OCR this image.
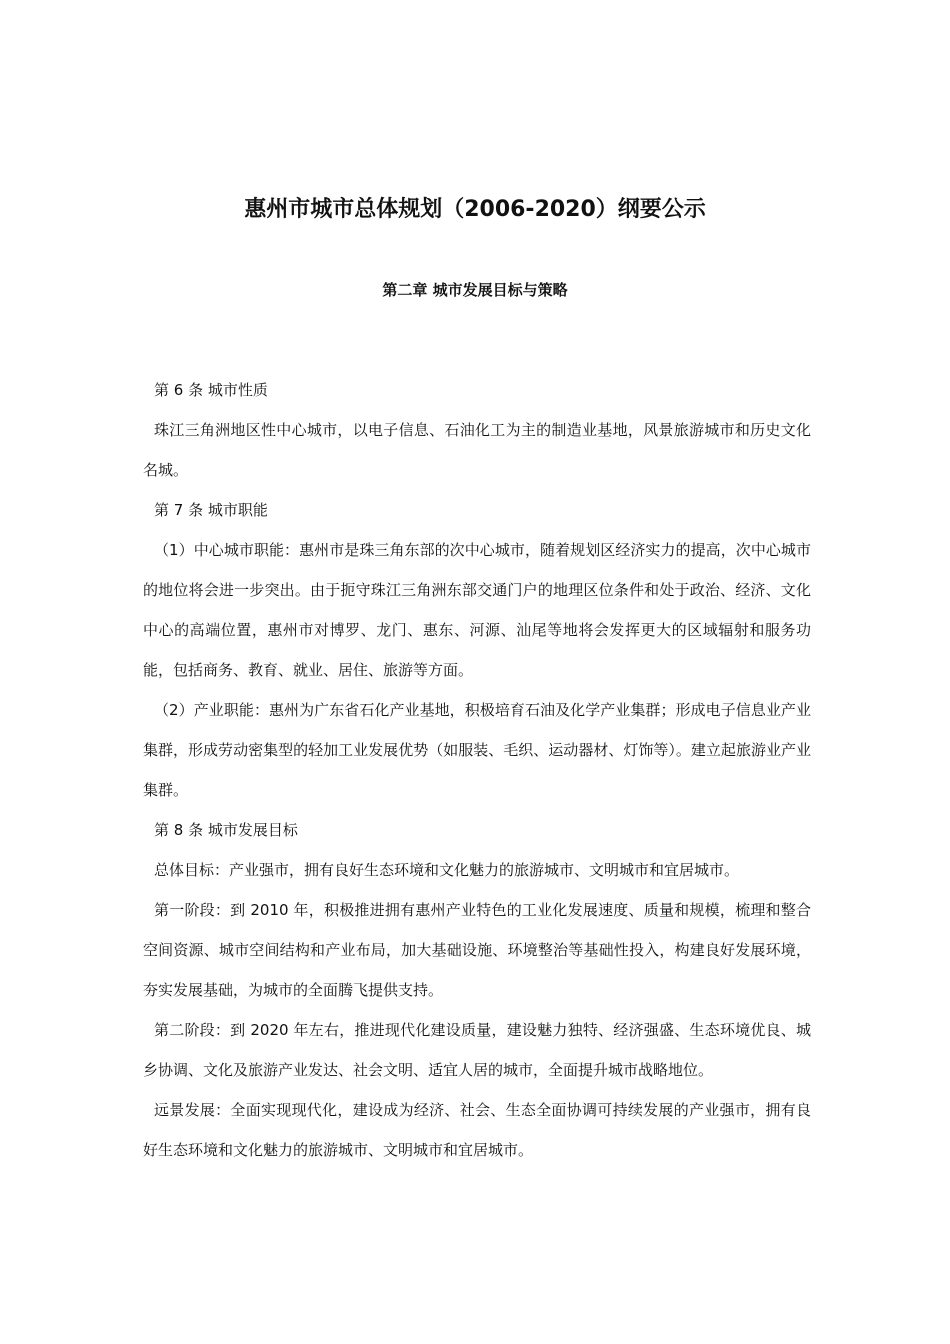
惠州市城市总体规划（2006-2020）纲要公示
第二章 城市发展目标与策略

第 6 条 城市性质

珠江三角洲地区性中心城市，以电子信息、石油化工为主的制造业基地，风景旅游城市和历史文化名城。

第 7 条 城市职能

（1）中心城市职能：惠州市是珠三角东部的次中心城市，随着规划区经济实力的提高，次中心城市的地位将会进一步突出。由于扼守珠江三角洲东部交通门户的地理区位条件和处于政治、经济、文化中心的高端位置，惠州市对博罗、龙门、惠东、河源、汕尾等地将会发挥更大的区域辐射和服务功能，包括商务、教育、就业、居住、旅游等方面。

（2）产业职能：惠州为广东省石化产业基地，积极培育石油及化学产业集群；形成电子信息业产业集群，形成劳动密集型的轻加工业发展优势（如服装、毛织、运动器材、灯饰等）。建立起旅游业产业集群。

第 8 条 城市发展目标

总体目标：产业强市，拥有良好生态环境和文化魅力的旅游城市、文明城市和宜居城市。

第一阶段：到 2010 年，积极推进拥有惠州产业特色的工业化发展速度、质量和规模，梳理和整合空间资源、城市空间结构和产业布局，加大基础设施、环境整治等基础性投入，构建良好发展环境，夯实发展基础，为城市的全面腾飞提供支持。

第二阶段：到 2020 年左右，推进现代化建设质量，建设魅力独特、经济强盛、生态环境优良、城乡协调、文化及旅游产业发达、社会文明、适宜人居的城市，全面提升城市战略地位。

远景发展：全面实现现代化，建设成为经济、社会、生态全面协调可持续发展的产业强市，拥有良好生态环境和文化魅力的旅游城市、文明城市和宜居城市。
